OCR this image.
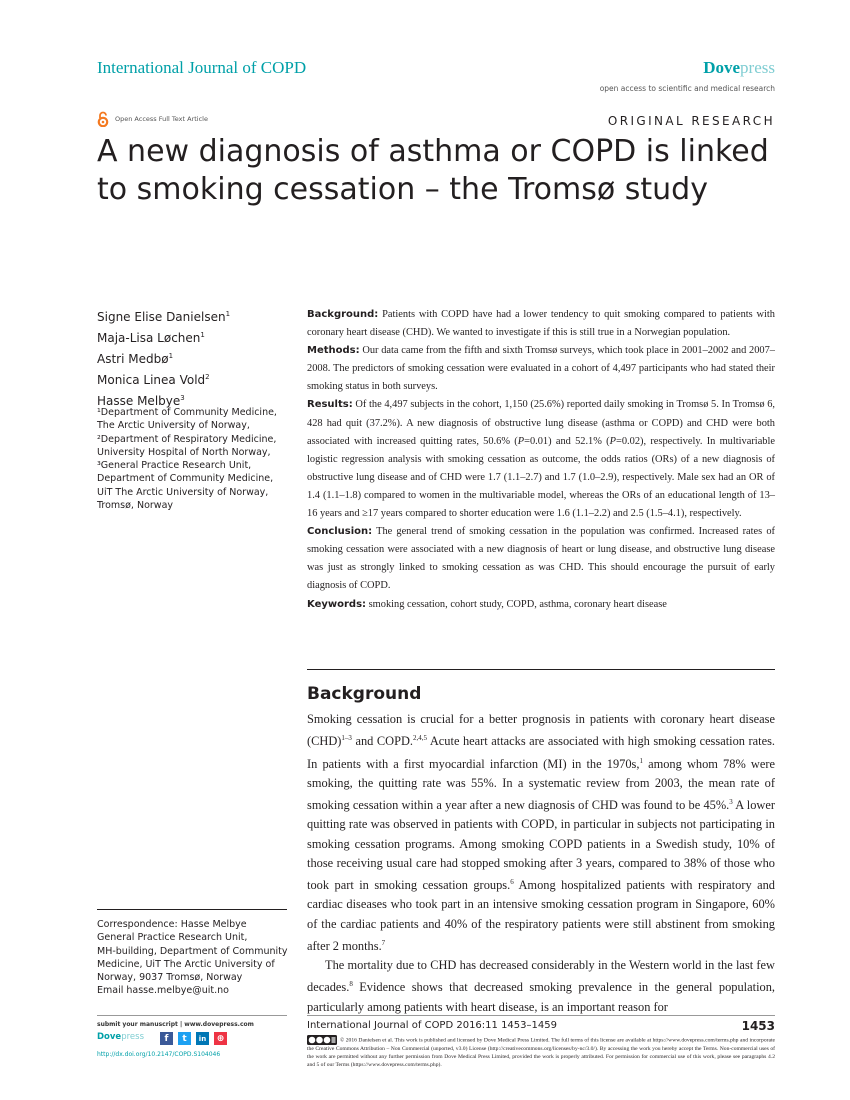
International Journal of COPD	Dovepress
open access to scientific and medical research
Open Access Full Text Article	ORIGINAL RESEARCH
A new diagnosis of asthma or COPD is linked
to smoking cessation – the Tromsø study
Signe Elise Danielsen$^1$
Maja-Lisa Løchen$^1$
Astri Medbø$^1$
Monica Linea Vold$^2$
Hasse Melbye$^3$
¹Department of Community Medicine,
The Arctic University of Norway,
²Department of Respiratory Medicine,
University Hospital of North Norway,
³General Practice Research Unit,
Department of Community Medicine,
UiT The Arctic University of Norway,
Tromsø, Norway

Background: Patients with COPD have had a lower tendency to quit smoking compared to patients with coronary heart disease (CHD). We wanted to investigate if this is still true in a Norwegian population.

Methods: Our data came from the fifth and sixth Tromsø surveys, which took place in 2001–2002 and 2007–2008. The predictors of smoking cessation were evaluated in a cohort of 4,497 participants who had stated their smoking status in both surveys.

Results: Of the 4,497 subjects in the cohort, 1,150 (25.6%) reported daily smoking in Tromsø 5. In Tromsø 6, 428 had quit (37.2%). A new diagnosis of obstructive lung disease (asthma or COPD) and CHD were both associated with increased quitting rates, 50.6% (P=0.01) and 52.1% (P=0.02), respectively. In multivariable logistic regression analysis with smoking cessation as outcome, the odds ratios (ORs) of a new diagnosis of obstructive lung disease and of CHD were 1.7 (1.1–2.7) and 1.7 (1.0–2.9), respectively. Male sex had an OR of 1.4 (1.1–1.8) compared to women in the multivariable model, whereas the ORs of an educational length of 13–16 years and ≥17 years compared to shorter education were 1.6 (1.1–2.2) and 2.5 (1.5–4.1), respectively.

Conclusion: The general trend of smoking cessation in the population was confirmed. Increased rates of smoking cessation were associated with a new diagnosis of heart or lung disease, and obstructive lung disease was just as strongly linked to smoking cessation as was CHD. This should encourage the pursuit of early diagnosis of COPD.

Keywords: smoking cessation, cohort study, COPD, asthma, coronary heart disease

Background

Smoking cessation is crucial for a better prognosis in patients with coronary heart disease (CHD)$^{1-3}$ and COPD.$^{2,4,5}$ Acute heart attacks are associated with high smoking cessation rates. In patients with a first myocardial infarction (MI) in the 1970s,$^1$ among whom 78% were smoking, the quitting rate was 55%. In a systematic review from 2003, the mean rate of smoking cessation within a year after a new diagnosis of CHD was found to be 45%.$^3$ A lower quitting rate was observed in patients with COPD, in particular in subjects not participating in smoking cessation programs. Among smoking COPD patients in a Swedish study, 10% of those receiving usual care had stopped smoking after 3 years, compared to 38% of those who took part in smoking cessation groups.$^6$ Among hospitalized patients with respiratory and cardiac diseases who took part in an intensive smoking cessation program in Singapore, 60% of the cardiac patients and 40% of the respiratory patients were still abstinent from smoking after 2 months.$^7$

The mortality due to CHD has decreased considerably in the Western world in the last few decades.$^8$ Evidence shows that decreased smoking prevalence in the general population, particularly among patients with heart disease, is an important reason for

Correspondence: Hasse Melbye
General Practice Research Unit,
MH-building, Department of Community
Medicine, UiT The Arctic University of
Norway, 9037 Tromsø, Norway
Email hasse.melbye@uit.no
submit your manuscript | www.dovepress.com
Dovepress	f	t	in	⊕
http://dx.doi.org/10.2147/COPD.S104046
International Journal of COPD 2016:11 1453–1459	1453
© 2016 Danielsen et al. This work is published and licensed by Dove Medical Press Limited. The full terms of this license are available at https://www.dovepress.com/terms.php and incorporate the Creative Commons Attribution – Non Commercial (unported, v3.0) License (http://creativecommons.org/licenses/by-nc/3.0/). By accessing the work you hereby accept the Terms. Non-commercial uses of the work are permitted without any further permission from Dove Medical Press Limited, provided the work is properly attributed. For permission for commercial use of this work, please see paragraphs 4.2 and 5 of our Terms (https://www.dovepress.com/terms.php).
